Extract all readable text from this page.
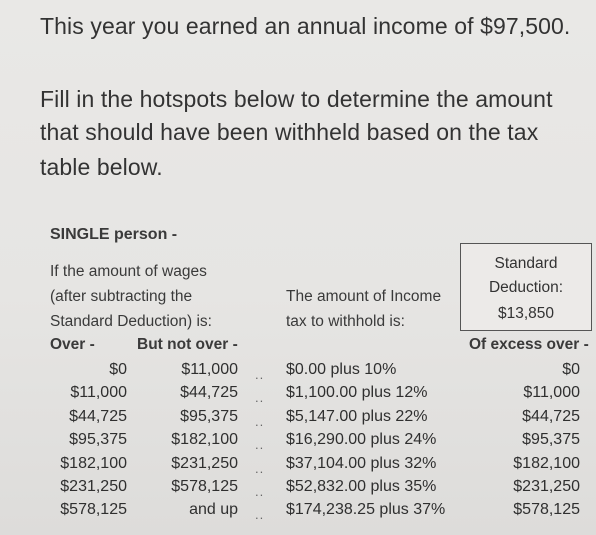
This year you earned an annual income of $97,500.
Fill in the hotspots below to determine the amount
that should have been withheld based on the tax
table below.
SINGLE person -
If the amount of wages
(after subtracting the
Standard Deduction) is:
The amount of Income
tax to withhold is:
Standard
Deduction:
$13,850
Over -	But not over -	Of excess over -
$0	$11,000	$0.00 plus 10%	$0
..
$11,000	$44,725	$1,100.00 plus 12%	$11,000
..
$44,725	$95,375	$5,147.00 plus 22%	$44,725
..
$95,375	$182,100	$16,290.00 plus 24%	$95,375
..
$182,100	$231,250	$37,104.00 plus 32%	$182,100
..
$231,250	$578,125	$52,832.00 plus 35%	$231,250
..
$578,125	and up	$174,238.25 plus 37%	$578,125
..
